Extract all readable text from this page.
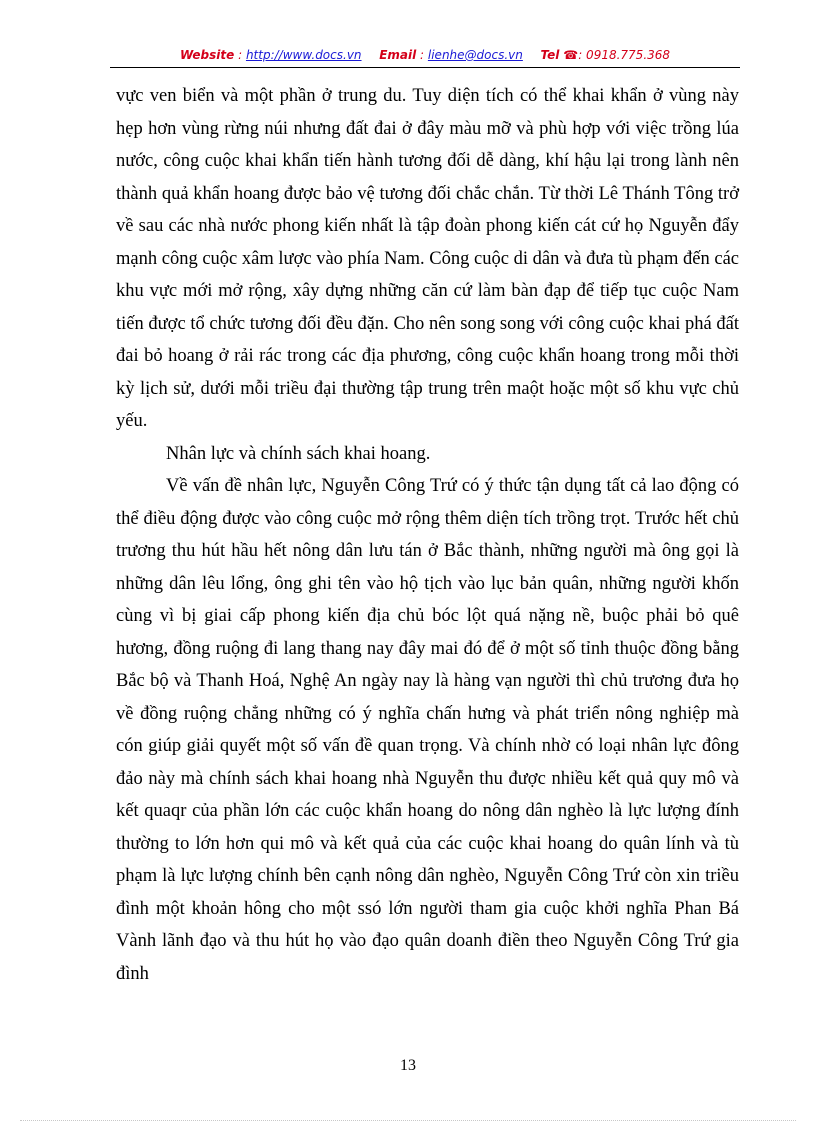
Website : http://www.docs.vn Email : lienhe@docs.vn Tel ☎: 0918.775.368

vực ven biển và một phần ở trung du. Tuy diện tích có thể khai khẩn ở vùng này hẹp hơn vùng rừng núi nhưng đất đai ở đây màu mỡ và phù hợp với việc trồng lúa nước, công cuộc khai khẩn tiến hành tương đối dễ dàng, khí hậu lại trong lành nên thành quả khẩn hoang được bảo vệ tương đối chắc chắn. Từ thời Lê Thánh Tông trở về sau các nhà nước phong kiến nhất là tập đoàn phong kiến cát cứ họ Nguyễn đẩy mạnh công cuộc xâm lược vào phía Nam. Công cuộc di dân và đưa tù phạm đến các khu vực mới mở rộng, xây dựng những căn cứ làm bàn đạp để tiếp tục cuộc Nam tiến được tổ chức tương đối đều đặn. Cho nên song song với công cuộc khai phá đất đai bỏ hoang ở rải rác trong các địa phương, công cuộc khẩn hoang trong mỗi thời kỳ lịch sử, dưới mỗi triều đại thường tập trung trên maột hoặc một số khu vực chủ yếu.

Nhân lực và chính sách khai hoang.

Về vấn đề nhân lực, Nguyễn Công Trứ có ý thức tận dụng tất cả lao động có thể điều động được vào công cuộc mở rộng thêm diện tích trồng trọt. Trước hết chủ trương thu hút hầu hết nông dân lưu tán ở Bắc thành, những người mà ông gọi là những dân lêu lổng, ông ghi tên vào hộ tịch vào lục bản quân, những người khốn cùng vì bị giai cấp phong kiến địa chủ bóc lột quá nặng nề, buộc phải bỏ quê hương, đồng ruộng đi lang thang nay đây mai đó để ở một số tỉnh thuộc đồng bằng Bắc bộ và Thanh Hoá, Nghệ An ngày nay là hàng vạn người thì chủ trương đưa họ về đồng ruộng chẳng những có ý nghĩa chấn hưng và phát triển nông nghiệp mà cón giúp giải quyết một số vấn đề quan trọng. Và chính nhờ có loại nhân lực đông đảo này mà chính sách khai hoang nhà Nguyễn thu được nhiều kết quả quy mô và kết quaqr của phần lớn các cuộc khẩn hoang do nông dân nghèo là lực lượng đính thường to lớn hơn qui mô và kết quả của các cuộc khai hoang do quân lính và tù phạm là lực lượng chính bên cạnh nông dân nghèo, Nguyễn Công Trứ còn xin triều đình một khoản hông cho một ssó lớn người tham gia cuộc khởi nghĩa Phan Bá Vành lãnh đạo và thu hút họ vào đạo quân doanh điền theo Nguyễn Công Trứ gia đình

13
